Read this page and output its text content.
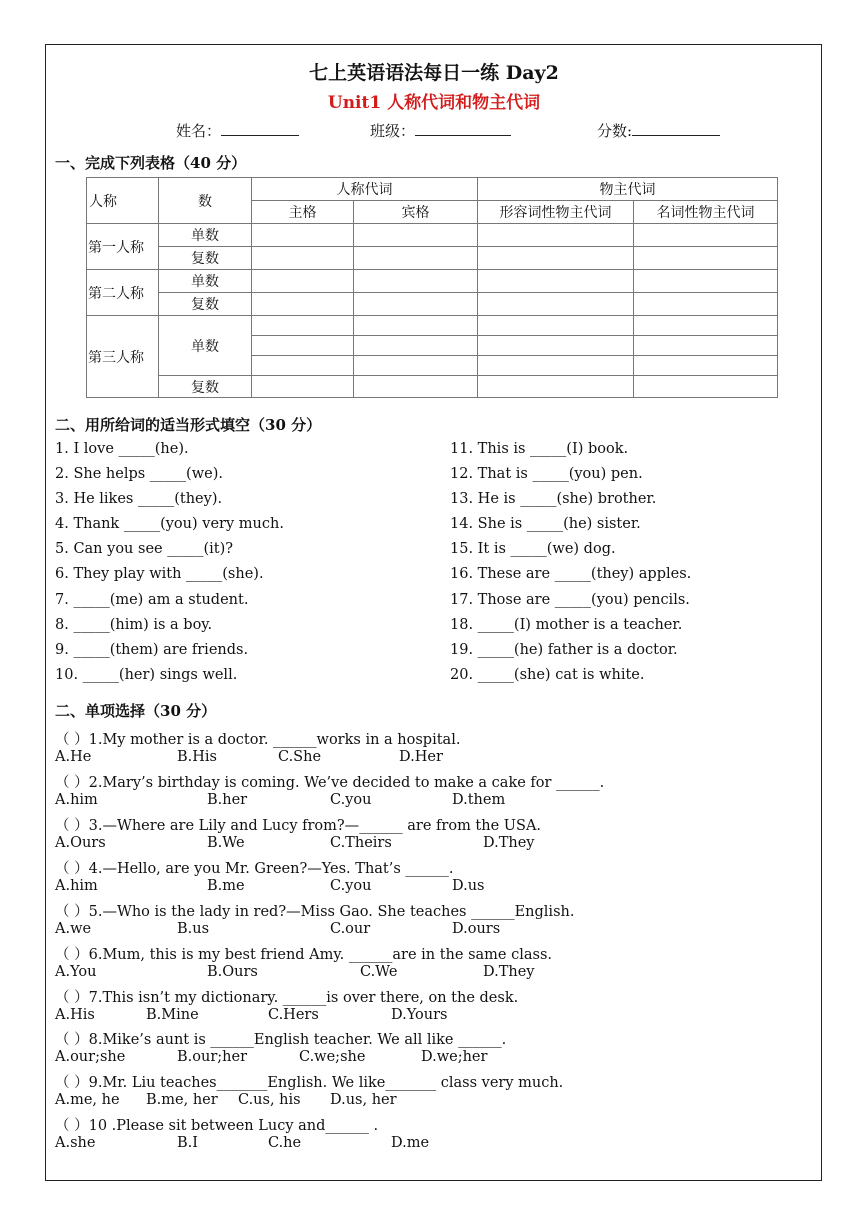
七上英语语法每日一练 Day2
Unit1 人称代词和物主代词
姓名：	班级：	分数:
一、完成下列表格（40 分）
人称	数	人称代词		物主代词	
		主格	宾格	形容词性物主代词	名词性物主代词
第一人称	单数				
	复数				
第二人称	单数				
	复数				
第三人称	单数				

	复数				
二、用所给词的适当形式填空（30 分）
1. I love _____(he).
2. She helps _____(we).
3. He likes _____(they).
4. Thank _____(you) very much.
5. Can you see _____(it)?
6. They play with _____(she).
7. _____(me) am a student.
8. _____(him) is a boy.
9. _____(them) are friends.
10. _____(her) sings well.
11. This is _____(I) book.
12. That is _____(you) pen.
13. He is _____(she) brother.
14. She is _____(he) sister.
15. It is _____(we) dog.
16. These are _____(they) apples.
17. Those are _____(you) pencils.
18. _____(I) mother is a teacher.
19. _____(he) father is a doctor.
20. _____(she) cat is white.
二、单项选择（30 分）
（ ）1.My mother is a doctor. ______works in a hospital.
A.He	B.His	C.She	D.Her
（ ）2.Mary’s birthday is coming. We’ve decided to make a cake for ______.
A.him	B.her	C.you	D.them
（ ）3.—Where are Lily and Lucy from?—______ are from the USA.
A.Ours	B.We	C.Theirs	D.They
（ ）4.—Hello, are you Mr. Green?—Yes. That’s ______.
A.him	B.me	C.you	D.us
（ ）5.—Who is the lady in red?—Miss Gao. She teaches ______English.
A.we	B.us	C.our	D.ours
（ ）6.Mum, this is my best friend Amy. ______are in the same class.
A.You	B.Ours	C.We	D.They
（ ）7.This isn’t my dictionary. ______is over there, on the desk.
A.His	B.Mine	C.Hers	D.Yours
（ ）8.Mike’s aunt is ______English teacher. We all like ______.
A.our;she	B.our;her	C.we;she	D.we;her
（ ）9.Mr. Liu teaches_______English. We like_______ class very much.
A.me, he B.me, her C.us, his D.us, her
（ ）10 .Please sit between Lucy and______ .
A.she	B.I	C.he	D.me
